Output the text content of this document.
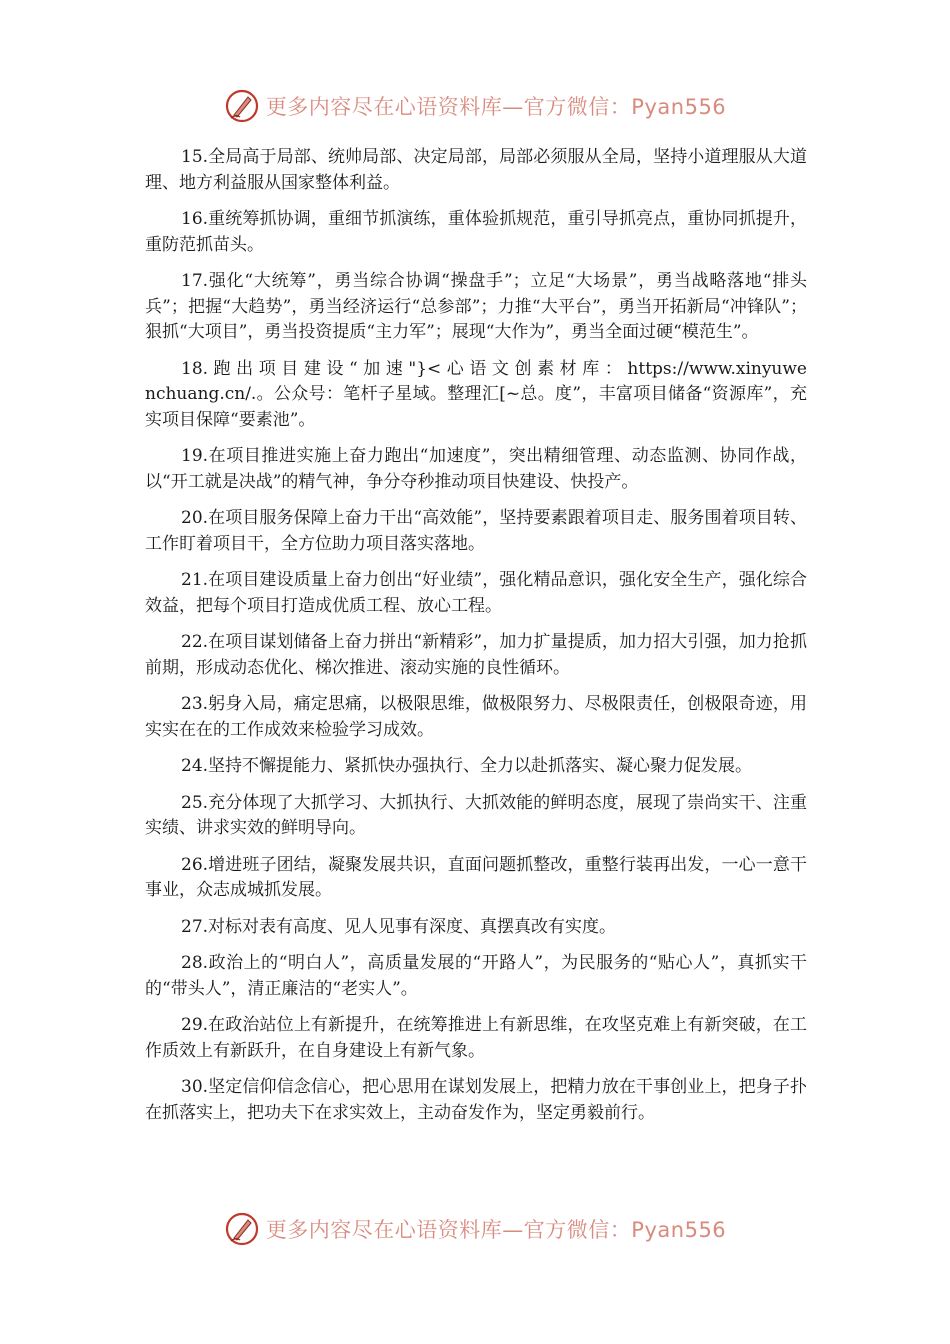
更多内容尽在心语资料库—官方微信：Pyan556

15.全局高于局部、统帅局部、决定局部，局部必须服从全局，坚持小道理服从大道理、地方利益服从国家整体利益。

16.重统筹抓协调，重细节抓演练，重体验抓规范，重引导抓亮点，重协同抓提升，重防范抓苗头。

17.强化“大统筹”，勇当综合协调“操盘手”；立足“大场景”，勇当战略落地“排头兵”；把握“大趋势”，勇当经济运行“总参部”；力推“大平台”，勇当开拓新局“冲锋队”；狠抓“大项目”，勇当投资提质“主力军”；展现“大作为”，勇当全面过硬“模范生”。

18. 跑 出 项 目 建 设 “ 加 速 "}< 心 语 文 创 素 材 库 ： https://www.xinyuwenchuang.cn/.。公众号：笔杆子星域。整理汇[~总。度”，丰富项目储备“资源库”，充实项目保障“要素池”。

19.在项目推进实施上奋力跑出“加速度”，突出精细管理、动态监测、协同作战，以“开工就是决战”的精气神，争分夺秒推动项目快建设、快投产。

20.在项目服务保障上奋力干出“高效能”，坚持要素跟着项目走、服务围着项目转、工作盯着项目干，全方位助力项目落实落地。

21.在项目建设质量上奋力创出“好业绩”，强化精品意识，强化安全生产，强化综合效益，把每个项目打造成优质工程、放心工程。

22.在项目谋划储备上奋力拼出“新精彩”，加力扩量提质，加力招大引强，加力抢抓前期，形成动态优化、梯次推进、滚动实施的良性循环。

23.躬身入局，痛定思痛，以极限思维，做极限努力、尽极限责任，创极限奇迹，用实实在在的工作成效来检验学习成效。

24.坚持不懈提能力、紧抓快办强执行、全力以赴抓落实、凝心聚力促发展。

25.充分体现了大抓学习、大抓执行、大抓效能的鲜明态度，展现了崇尚实干、注重实绩、讲求实效的鲜明导向。

26.增进班子团结，凝聚发展共识，直面问题抓整改，重整行装再出发，一心一意干事业，众志成城抓发展。

27.对标对表有高度、见人见事有深度、真摆真改有实度。

28.政治上的“明白人”，高质量发展的“开路人”，为民服务的“贴心人”，真抓实干的“带头人”，清正廉洁的“老实人”。

29.在政治站位上有新提升，在统筹推进上有新思维，在攻坚克难上有新突破，在工作质效上有新跃升，在自身建设上有新气象。

30.坚定信仰信念信心，把心思用在谋划发展上，把精力放在干事创业上，把身子扑在抓落实上，把功夫下在求实效上，主动奋发作为，坚定勇毅前行。

更多内容尽在心语资料库—官方微信：Pyan556
